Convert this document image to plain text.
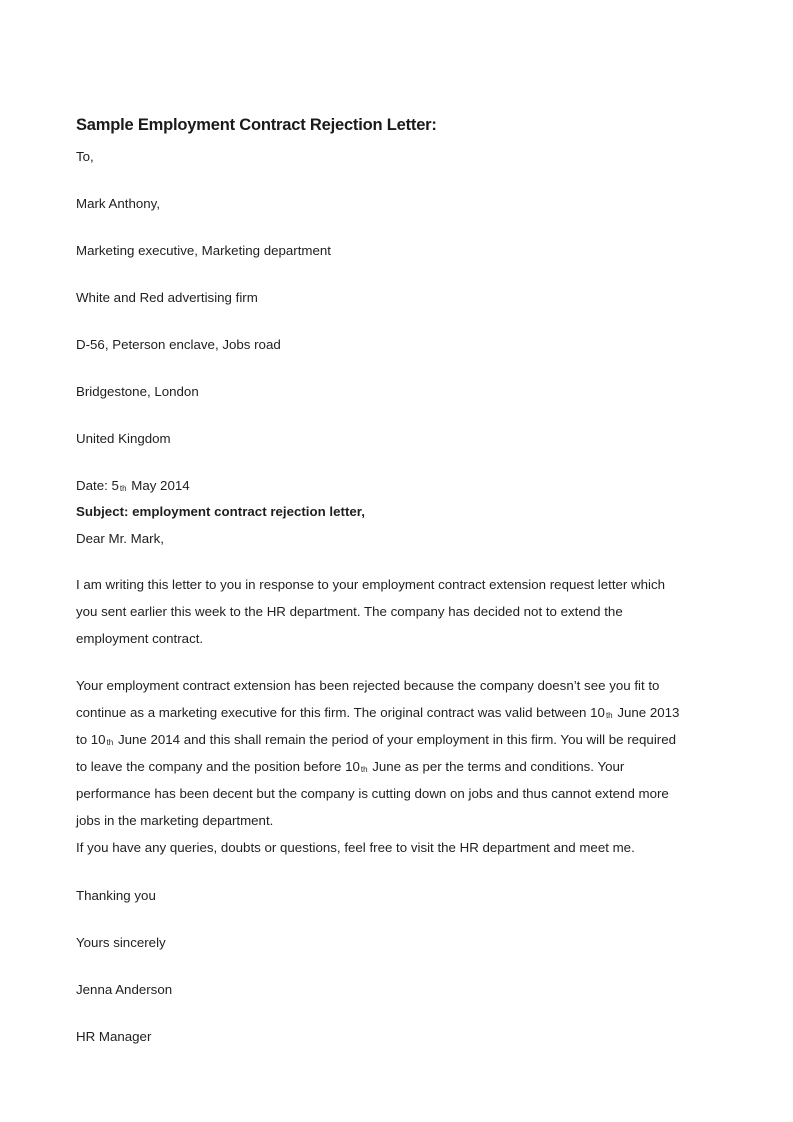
Sample Employment Contract Rejection Letter:
To,
Mark Anthony,
Marketing executive, Marketing department
White and Red advertising firm
D-56, Peterson enclave, Jobs road
Bridgestone, London
United Kingdom
Date: 5th May 2014
Subject: employment contract rejection letter,
Dear Mr. Mark,
I am writing this letter to you in response to your employment contract extension request letter which
you sent earlier this week to the HR department. The company has decided not to extend the
employment contract.
Your employment contract extension has been rejected because the company doesn’t see you fit to
continue as a marketing executive for this firm. The original contract was valid between 10th June 2013
to 10th June 2014 and this shall remain the period of your employment in this firm. You will be required
to leave the company and the position before 10th June as per the terms and conditions. Your
performance has been decent but the company is cutting down on jobs and thus cannot extend more
jobs in the marketing department.
If you have any queries, doubts or questions, feel free to visit the HR department and meet me.
Thanking you
Yours sincerely
Jenna Anderson
HR Manager
